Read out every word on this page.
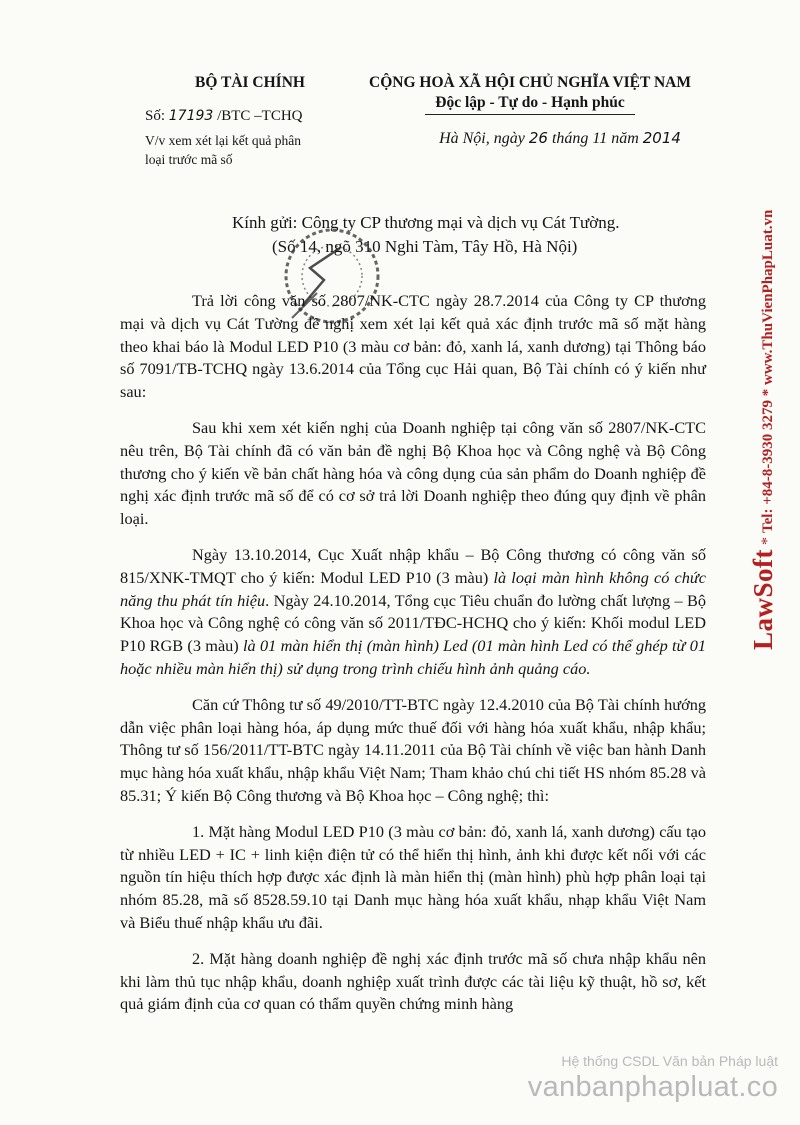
BỘ TÀI CHÍNH
Số: 17193 /BTC –TCHQ
V/v xem xét lại kết quả phân
loại trước mã số
CỘNG HOÀ XÃ HỘI CHỦ NGHĨA VIỆT NAM
Độc lập - Tự do - Hạnh phúc
Hà Nội, ngày 26 tháng 11 năm 2014
Kính gửi: Công ty CP thương mại và dịch vụ Cát Tường.
(Số 14, ngõ 310 Nghi Tàm, Tây Hồ, Hà Nội)

Trả lời công văn số 2807/NK-CTC ngày 28.7.2014 của Công ty CP thương mại và dịch vụ Cát Tường đề nghị xem xét lại kết quả xác định trước mã số mặt hàng theo khai báo là Modul LED P10 (3 màu cơ bản: đỏ, xanh lá, xanh dương) tại Thông báo số 7091/TB-TCHQ ngày 13.6.2014 của Tổng cục Hải quan, Bộ Tài chính có ý kiến như sau:

Sau khi xem xét kiến nghị của Doanh nghiệp tại công văn số 2807/NK-CTC nêu trên, Bộ Tài chính đã có văn bản đề nghị Bộ Khoa học và Công nghệ và Bộ Công thương cho ý kiến về bản chất hàng hóa và công dụng của sản phẩm do Doanh nghiệp đề nghị xác định trước mã số để có cơ sở trả lời Doanh nghiệp theo đúng quy định về phân loại.

Ngày 13.10.2014, Cục Xuất nhập khẩu – Bộ Công thương có công văn số 815/XNK-TMQT cho ý kiến: Modul LED P10 (3 màu) là loại màn hình không có chức năng thu phát tín hiệu. Ngày 24.10.2014, Tổng cục Tiêu chuẩn đo lường chất lượng – Bộ Khoa học và Công nghệ có công văn số 2011/TĐC-HCHQ cho ý kiến: Khối modul LED P10 RGB (3 màu) là 01 màn hiển thị (màn hình) Led (01 màn hình Led có thể ghép từ 01 hoặc nhiều màn hiển thị) sử dụng trong trình chiếu hình ảnh quảng cáo.

Căn cứ Thông tư số 49/2010/TT-BTC ngày 12.4.2010 của Bộ Tài chính hướng dẫn việc phân loại hàng hóa, áp dụng mức thuế đối với hàng hóa xuất khẩu, nhập khẩu; Thông tư số 156/2011/TT-BTC ngày 14.11.2011 của Bộ Tài chính về việc ban hành Danh mục hàng hóa xuất khẩu, nhập khẩu Việt Nam; Tham khảo chú chi tiết HS nhóm 85.28 và 85.31; Ý kiến Bộ Công thương và Bộ Khoa học – Công nghệ; thì:

1. Mặt hàng Modul LED P10 (3 màu cơ bản: đỏ, xanh lá, xanh dương) cấu tạo từ nhiều LED + IC + linh kiện điện tử có thể hiển thị hình, ảnh khi được kết nối với các nguồn tín hiệu thích hợp được xác định là màn hiển thị (màn hình) phù hợp phân loại tại nhóm 85.28, mã số 8528.59.10 tại Danh mục hàng hóa xuất khẩu, nhạp khẩu Việt Nam và Biểu thuế nhập khẩu ưu đãi.

2. Mặt hàng doanh nghiệp đề nghị xác định trước mã số chưa nhập khẩu nên khi làm thủ tục nhập khẩu, doanh nghiệp xuất trình được các tài liệu kỹ thuật, hồ sơ, kết quả giám định của cơ quan có thẩm quyền chứng minh hàng

LawSoft * Tel: +84-8-3930 3279 * www.ThuVienPhapLuat.vn
Hệ thống CSDL Văn bản Pháp luật
vanbanphapluat.co
